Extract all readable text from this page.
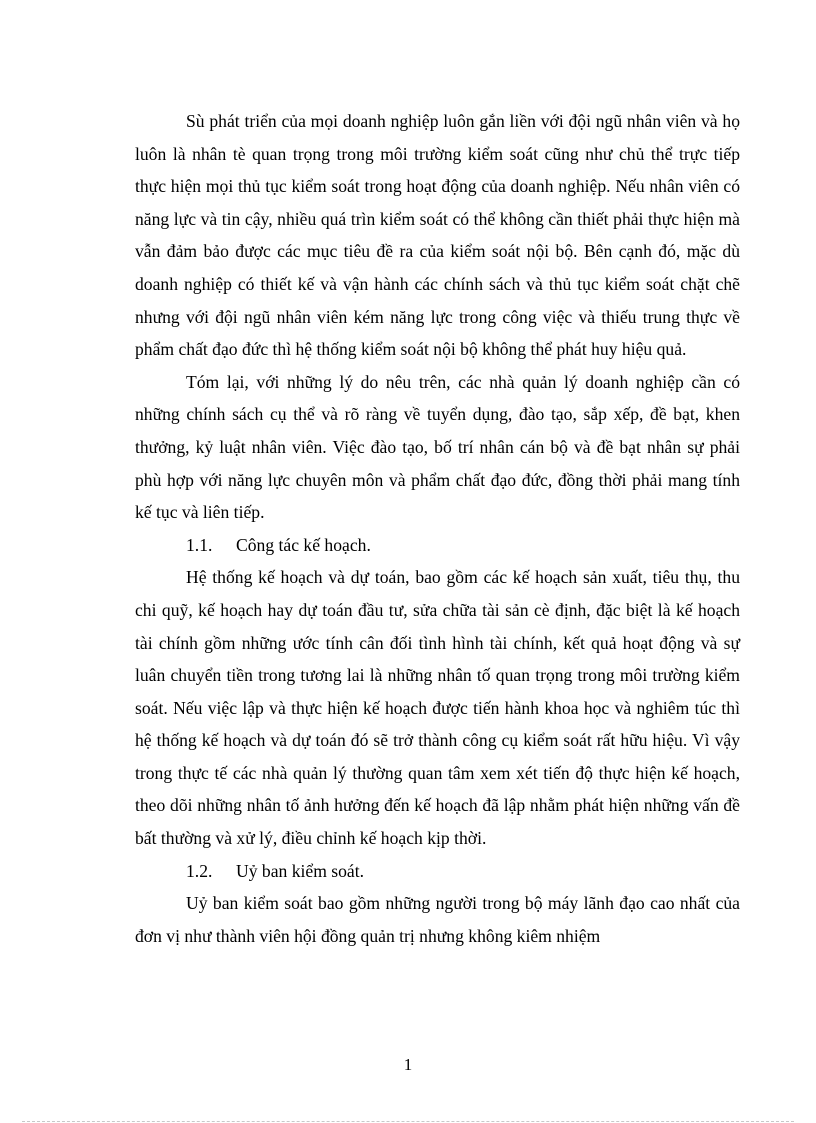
Sù phát triển của mọi doanh nghiệp luôn gắn liền với đội ngũ nhân viên và họ luôn là nhân tè quan trọng trong môi trường kiểm soát cũng như chủ thể trực tiếp thực hiện mọi thủ tục kiểm soát trong hoạt động của doanh nghiệp. Nếu nhân viên có năng lực và tin cậy, nhiều quá trìn kiểm soát có thể không cần thiết phải thực hiện mà vẫn đảm bảo được các mục tiêu đề ra của kiểm soát nội bộ. Bên cạnh đó, mặc dù doanh nghiệp có thiết kế và vận hành các chính sách và thủ tục kiểm soát chặt chẽ nhưng với đội ngũ nhân viên kém năng lực trong công việc và thiếu trung thực về phẩm chất đạo đức thì hệ thống kiểm soát nội bộ không thể phát huy hiệu quả.

Tóm lại, với những lý do nêu trên, các nhà quản lý doanh nghiệp cần có những chính sách cụ thể và rõ ràng về tuyển dụng, đào tạo, sắp xếp, đề bạt, khen thưởng, kỷ luật nhân viên. Việc đào tạo, bố trí nhân cán bộ và đề bạt nhân sự phải phù hợp với năng lực chuyên môn và phẩm chất đạo đức, đồng thời phải mang tính kế tục và liên tiếp.

1.1.	Công tác kế hoạch.

Hệ thống kế hoạch và dự toán, bao gồm các kế hoạch sản xuất, tiêu thụ, thu chi quỹ, kế hoạch hay dự toán đầu tư, sửa chữa tài sản cè định, đặc biệt là kế hoạch tài chính gồm những ước tính cân đối tình hình tài chính, kết quả hoạt động và sự luân chuyển tiền trong tương lai là những nhân tố quan trọng trong môi trường kiểm soát. Nếu việc lập và thực hiện kế hoạch được tiến hành khoa học và nghiêm túc thì hệ thống kế hoạch và dự toán đó sẽ trở thành công cụ kiểm soát rất hữu hiệu. Vì vậy trong thực tế các nhà quản lý thường quan tâm xem xét tiến độ thực hiện kế hoạch, theo dõi những nhân tố ảnh hưởng đến kế hoạch đã lập nhằm phát hiện những vấn đề bất thường và xử lý, điều chỉnh kế hoạch kịp thời.

1.2.	Uỷ ban kiểm soát.

Uỷ ban kiểm soát bao gồm những người trong bộ máy lãnh đạo cao nhất của đơn vị như thành viên hội đồng quản trị nhưng không kiêm nhiệm

1
